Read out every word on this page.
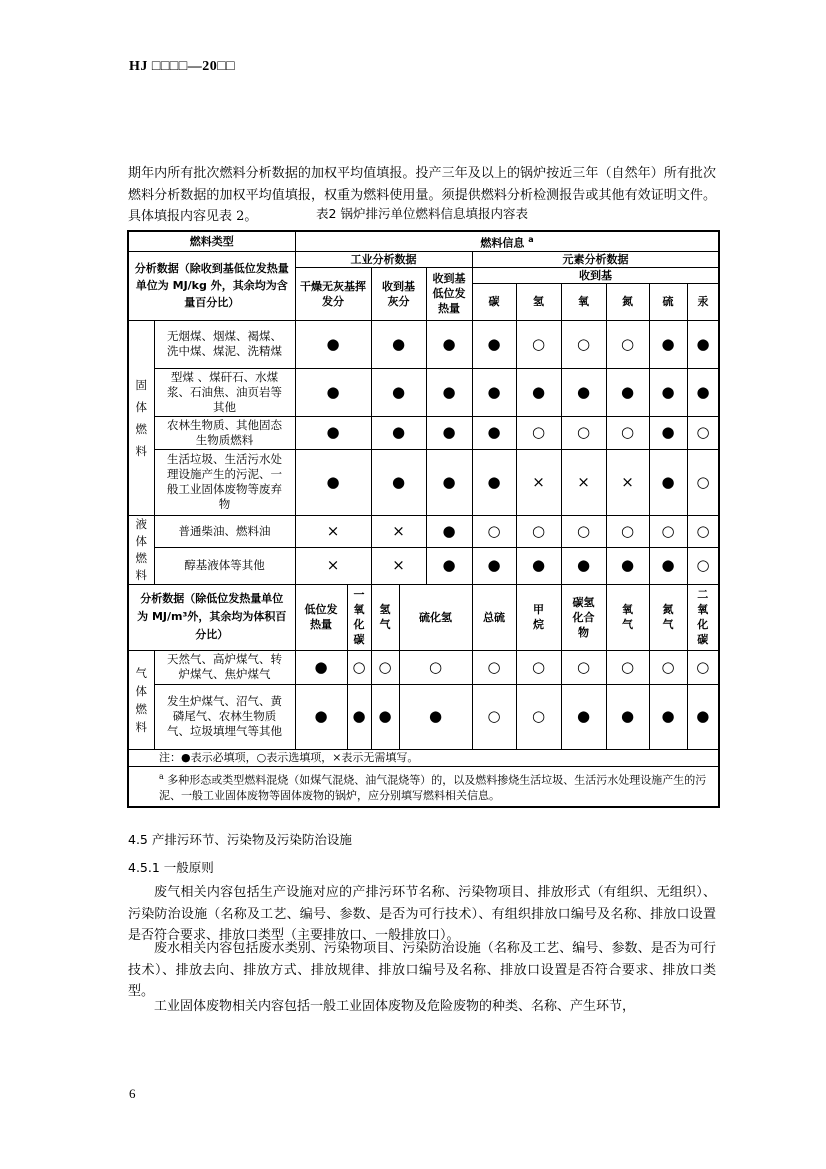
HJ □□□□—20□□
期年内所有批次燃料分析数据的加权平均值填报。投产三年及以上的锅炉按近三年（自然年）所有批次燃料分析数据的加权平均值填报，权重为燃料使用量。须提供燃料分析检测报告或其他有效证明文件。具体填报内容见表 2。	表2 锅炉排污单位燃料信息填报内容表
燃料类型		燃料信息 $^a$
分析数据（除收到基低位发热量单位为 MJ/kg 外，其余均为含量百分比）		工业分析数据					元素分析数据						
		干燥无灰基挥发分		收到基灰分		收到基低位发热量	收到基						
							碳	氢	氧	氮	硫	汞	
固体燃料	无烟煤、烟煤、褐煤、洗中煤、煤泥、洗精煤	●		●		●	●	○	○	○	●	●	
	型煤 、煤矸石、水煤浆、石油焦、油页岩等其他	●		●		●	●	●	●	●	●	●	
	农林生物质、其他固态生物质燃料	●		●		●	●	○	○	○	●	○	
	生活垃圾、生活污水处理设施产生的污泥、一般工业固体废物等废弃物	●		●		●	●	×	×	×	●	○	
液体燃料	普通柴油、燃料油	×		×		●	○	○	○	○	○	○	
	醇基液体等其他	×		×		●	●	●	●	●	●	○	
分析数据（除低位发热量单位为 MJ/m³外，其余均为体积百分比）		低位发热量	一氧化碳	氢气	硫化氢		总硫	甲烷	碳氢化合物	氧气	氮气	二氧化碳	
气体燃料	天然气、高炉煤气、转炉煤气、焦炉煤气	●	○	○	○		○	○	○	○	○	○	
	发生炉煤气、沼气、黄磷尾气、农林生物质气、垃圾填埋气等其他	●	●	●	●		○	○	●	●	●	●	
注：●表示必填项，○表示选填项，×表示无需填写。													
$^a$ 多种形态或类型燃料混烧（如煤气混烧、油气混烧等）的，以及燃料掺烧生活垃圾、生活污水处理设施产生的污泥、一般工业固体废物等固体废物的锅炉，应分别填写燃料相关信息。													
4.5 产排污环节、污染物及污染防治设施
4.5.1 一般原则
废气相关内容包括生产设施对应的产排污环节名称、污染物项目、排放形式（有组织、无组织）、污染防治设施（名称及工艺、编号、参数、是否为可行技术）、有组织排放口编号及名称、排放口设置是否符合要求、排放口类型（主要排放口、一般排放口）。
废水相关内容包括废水类别、污染物项目、污染防治设施（名称及工艺、编号、参数、是否为可行技术）、排放去向、排放方式、排放规律、排放口编号及名称、排放口设置是否符合要求、排放口类型。
工业固体废物相关内容包括一般工业固体废物及危险废物的种类、名称、产生环节，
6
